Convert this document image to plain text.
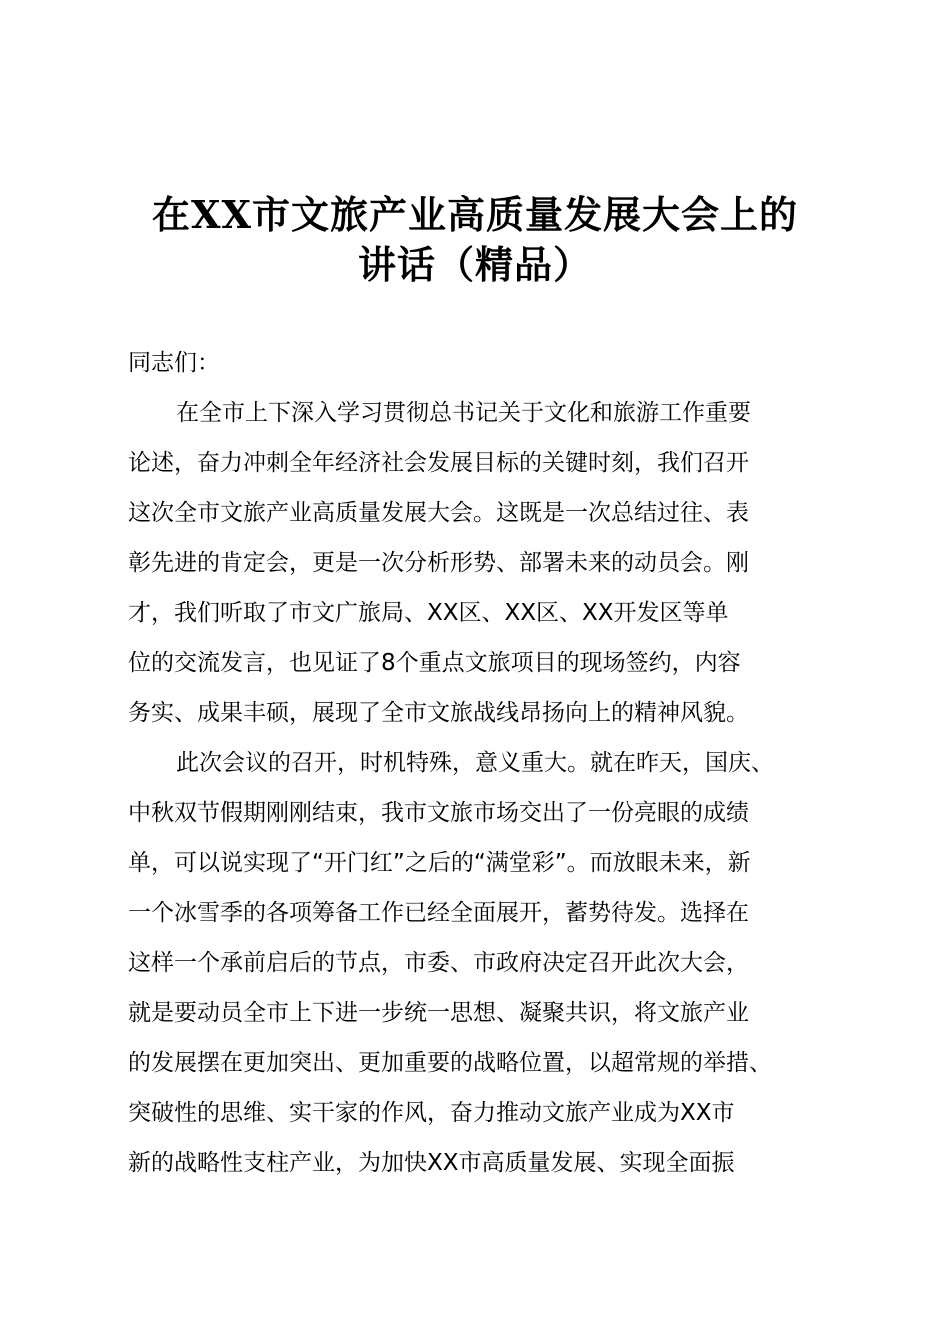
在XX市文旅产业高质量发展大会上的
讲话（精品）

同志们：

在全市上下深入学习贯彻总书记关于文化和旅游工作重要
论述，奋力冲刺全年经济社会发展目标的关键时刻，我们召开
这次全市文旅产业高质量发展大会。这既是一次总结过往、表
彰先进的肯定会，更是一次分析形势、部署未来的动员会。刚
才，我们听取了市文广旅局、XX区、XX区、XX开发区等单
位的交流发言，也见证了8个重点文旅项目的现场签约，内容
务实、成果丰硕，展现了全市文旅战线昂扬向上的精神风貌。

此次会议的召开，时机特殊，意义重大。就在昨天，国庆、
中秋双节假期刚刚结束，我市文旅市场交出了一份亮眼的成绩
单，可以说实现了“开门红”之后的“满堂彩”。而放眼未来，新
一个冰雪季的各项筹备工作已经全面展开，蓄势待发。选择在
这样一个承前启后的节点，市委、市政府决定召开此次大会，
就是要动员全市上下进一步统一思想、凝聚共识，将文旅产业
的发展摆在更加突出、更加重要的战略位置，以超常规的举措、
突破性的思维、实干家的作风，奋力推动文旅产业成为XX市
新的战略性支柱产业，为加快XX市高质量发展、实现全面振
